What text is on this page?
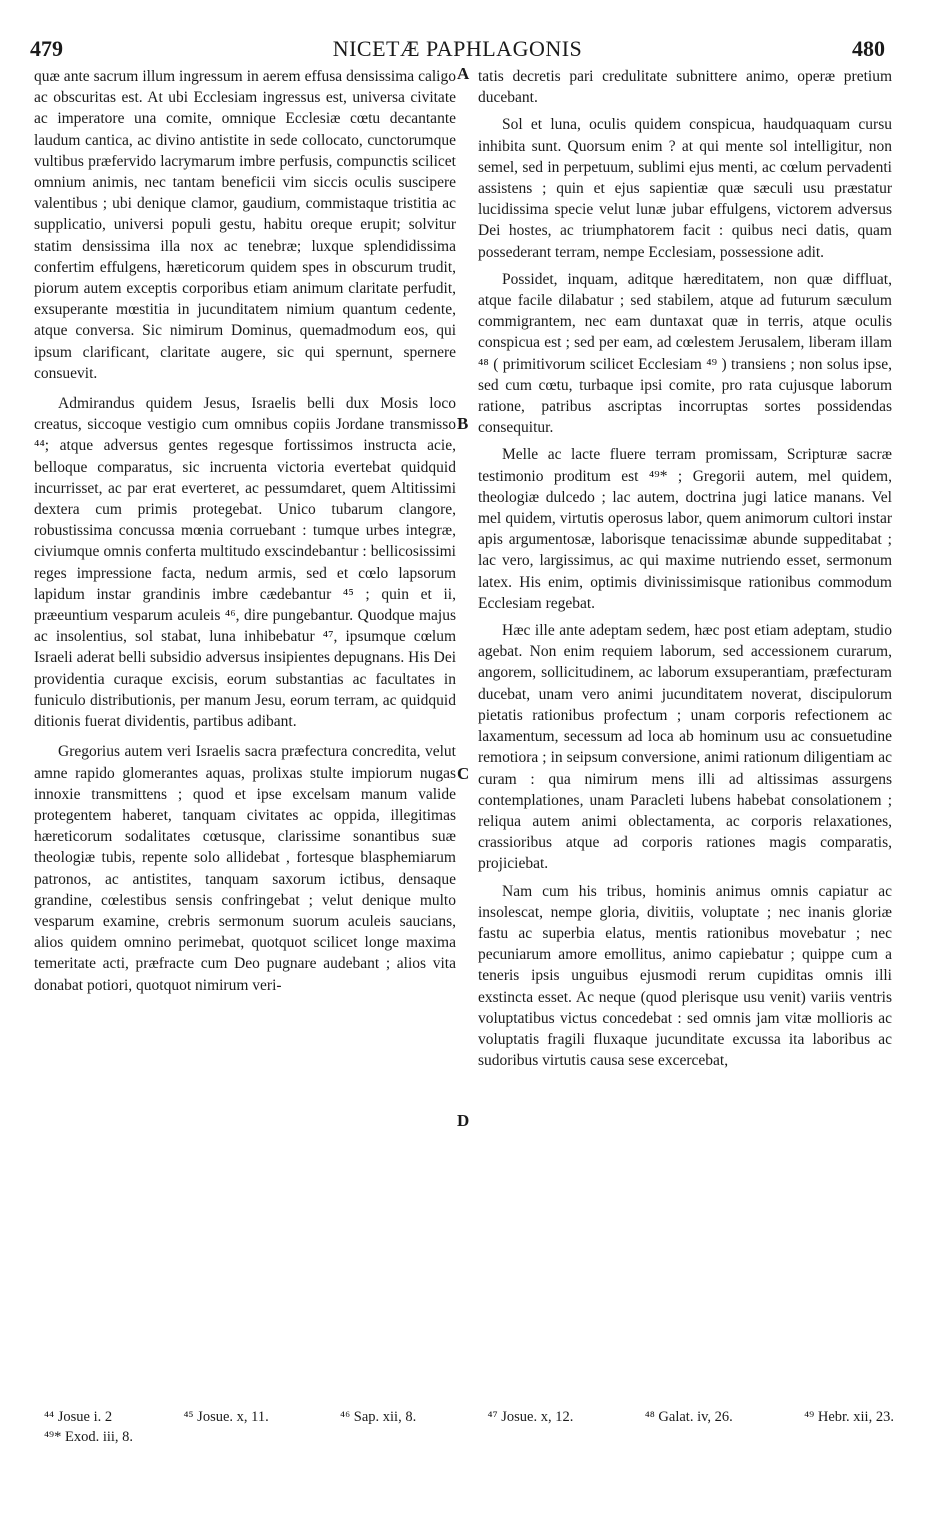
479	NICETÆ PAPHLAGONIS	480

quæ ante sacrum illum ingressum in aerem effusa densissima caligo ac obscuritas est. At ubi Ecclesiam ingressus est, universa civitate ac imperatore una comite, omnique Ecclesiæ cœtu decantante laudum cantica, ac divino antistite in sede collocato, cunctorumque vultibus præfervido lacrymarum imbre perfusis, compunctis scilicet omnium animis, nec tantam beneficii vim siccis oculis suscipere valentibus ; ubi denique clamor, gaudium, commistaque tristitia ac supplicatio, universi populi gestu, habitu oreque erupit; solvitur statim densissima illa nox ac tenebræ; luxque splendidissima confertim effulgens, hæreticorum quidem spes in obscurum trudit, piorum autem exceptis corporibus etiam animum claritate perfudit, exsuperante mœstitia in jucunditatem nimium quantum cedente, atque conversa. Sic nimirum Dominus, quemadmodum eos, qui ipsum clarificant, claritate augere, sic qui spernunt, spernere consuevit.

Admirandus quidem Jesus, Israelis belli dux Mosis loco creatus, siccoque vestigio cum omnibus copiis Jordane transmisso ⁴⁴; atque adversus gentes regesque fortissimos instructa acie, belloque comparatus, sic incruenta victoria evertebat quidquid incurrisset, ac par erat everteret, ac pessumdaret, quem Altitissimi dextera cum primis protegebat. Unico tubarum clangore, robustissima concussa mœnia corruebant : tumque urbes integræ, civiumque omnis conferta multitudo exscindebantur : bellicosissimi reges impressione facta, nedum armis, sed et cœlo lapsorum lapidum instar grandinis imbre cædebantur ⁴⁵ ; quin et ii, præeuntium vesparum aculeis ⁴⁶, dire pungebantur. Quodque majus ac insolentius, sol stabat, luna inhibebatur ⁴⁷, ipsumque cœlum Israeli aderat belli subsidio adversus insipientes depugnans. His Dei providentia curaque excisis, eorum substantias ac facultates in funiculo distributionis, per manum Jesu, eorum terram, ac quidquid ditionis fuerat dividentis, partibus adibant.

Gregorius autem veri Israelis sacra præfectura concredita, velut amne rapido glomerantes aquas, prolixas stulte impiorum nugas innoxie transmittens ; quod et ipse excelsam manum valide protegentem haberet, tanquam civitates ac oppida, illegitimas hæreticorum sodalitates cœtusque, clarissime sonantibus suæ theologiæ tubis, repente solo allidebat , fortesque blasphemiarum patronos, ac antistites, tanquam saxorum ictibus, densaque grandine, cœlestibus sensis confringebat ; velut denique multo vesparum examine, crebris sermonum suorum aculeis saucians, alios quidem omnino perimebat, quotquot scilicet longe maxima temeritate acti, præfracte cum Deo pugnare audebant ; alios vita donabat potiori, quotquot nimirum veri-

A
B
C
D

tatis decretis pari credulitate subnittere animo, operæ pretium ducebant.

Sol et luna, oculis quidem conspicua, haudquaquam cursu inhibita sunt. Quorsum enim ? at qui mente sol intelligitur, non semel, sed in perpetuum, sublimi ejus menti, ac cœlum pervadenti assistens ; quin et ejus sapientiæ quæ sæculi usu præstatur lucidissima specie velut lunæ jubar effulgens, victorem adversus Dei hostes, ac triumphatorem facit : quibus neci datis, quam possederant terram, nempe Ecclesiam, possessione adit.

Possidet, inquam, aditque hæreditatem, non quæ diffluat, atque facile dilabatur ; sed stabilem, atque ad futurum sæculum commigrantem, nec eam duntaxat quæ in terris, atque oculis conspicua est ; sed per eam, ad cœlestem Jerusalem, liberam illam ⁴⁸ ( primitivorum scilicet Ecclesiam ⁴⁹ ) transiens ; non solus ipse, sed cum cœtu, turbaque ipsi comite, pro rata cujusque laborum ratione, patribus ascriptas incorruptas sortes possidendas consequitur.

Melle ac lacte fluere terram promissam, Scripturæ sacræ testimonio proditum est ⁴⁹* ; Gregorii autem, mel quidem, theologiæ dulcedo ; lac autem, doctrina jugi latice manans. Vel mel quidem, virtutis operosus labor, quem animorum cultori instar apis argumentosæ, laborisque tenacissimæ abunde suppeditabat ; lac vero, largissimus, ac qui maxime nutriendo esset, sermonum latex. His enim, optimis divinissimisque rationibus commodum Ecclesiam regebat.

Hæc ille ante adeptam sedem, hæc post etiam adeptam, studio agebat. Non enim requiem laborum, sed accessionem curarum, angorem, sollicitudinem, ac laborum exsuperantiam, præfecturam ducebat, unam vero animi jucunditatem noverat, discipulorum pietatis rationibus profectum ; unam corporis refectionem ac laxamentum, secessum ad loca ab hominum usu ac consuetudine remotiora ; in seipsum conversione, animi rationum diligentiam ac curam : qua nimirum mens illi ad altissimas assurgens contemplationes, unam Paracleti lubens habebat consolationem ; reliqua autem animi oblectamenta, ac corporis relaxationes, crassioribus atque ad corporis rationes magis comparatis, projiciebat.

Nam cum his tribus, hominis animus omnis capiatur ac insolescat, nempe gloria, divitiis, voluptate ; nec inanis gloriæ fastu ac superbia elatus, mentis rationibus movebatur ; nec pecuniarum amore emollitus, animo capiebatur ; quippe cum a teneris ipsis unguibus ejusmodi rerum cupiditas omnis illi exstincta esset. Ac neque (quod plerisque usu venit) variis ventris voluptatibus victus concedebat : sed omnis jam vitæ mollioris ac voluptatis fragili fluxaque jucunditate excussa ita laboribus ac sudoribus virtutis causa sese excercebat,

⁴⁴ Josue i. 2	⁴⁵ Josue. x, 11.	⁴⁶ Sap. xii, 8.	⁴⁷ Josue. x, 12.	⁴⁸ Galat. iv, 26.	⁴⁹ Hebr. xii, 23.
⁴⁹* Exod. iii, 8.
